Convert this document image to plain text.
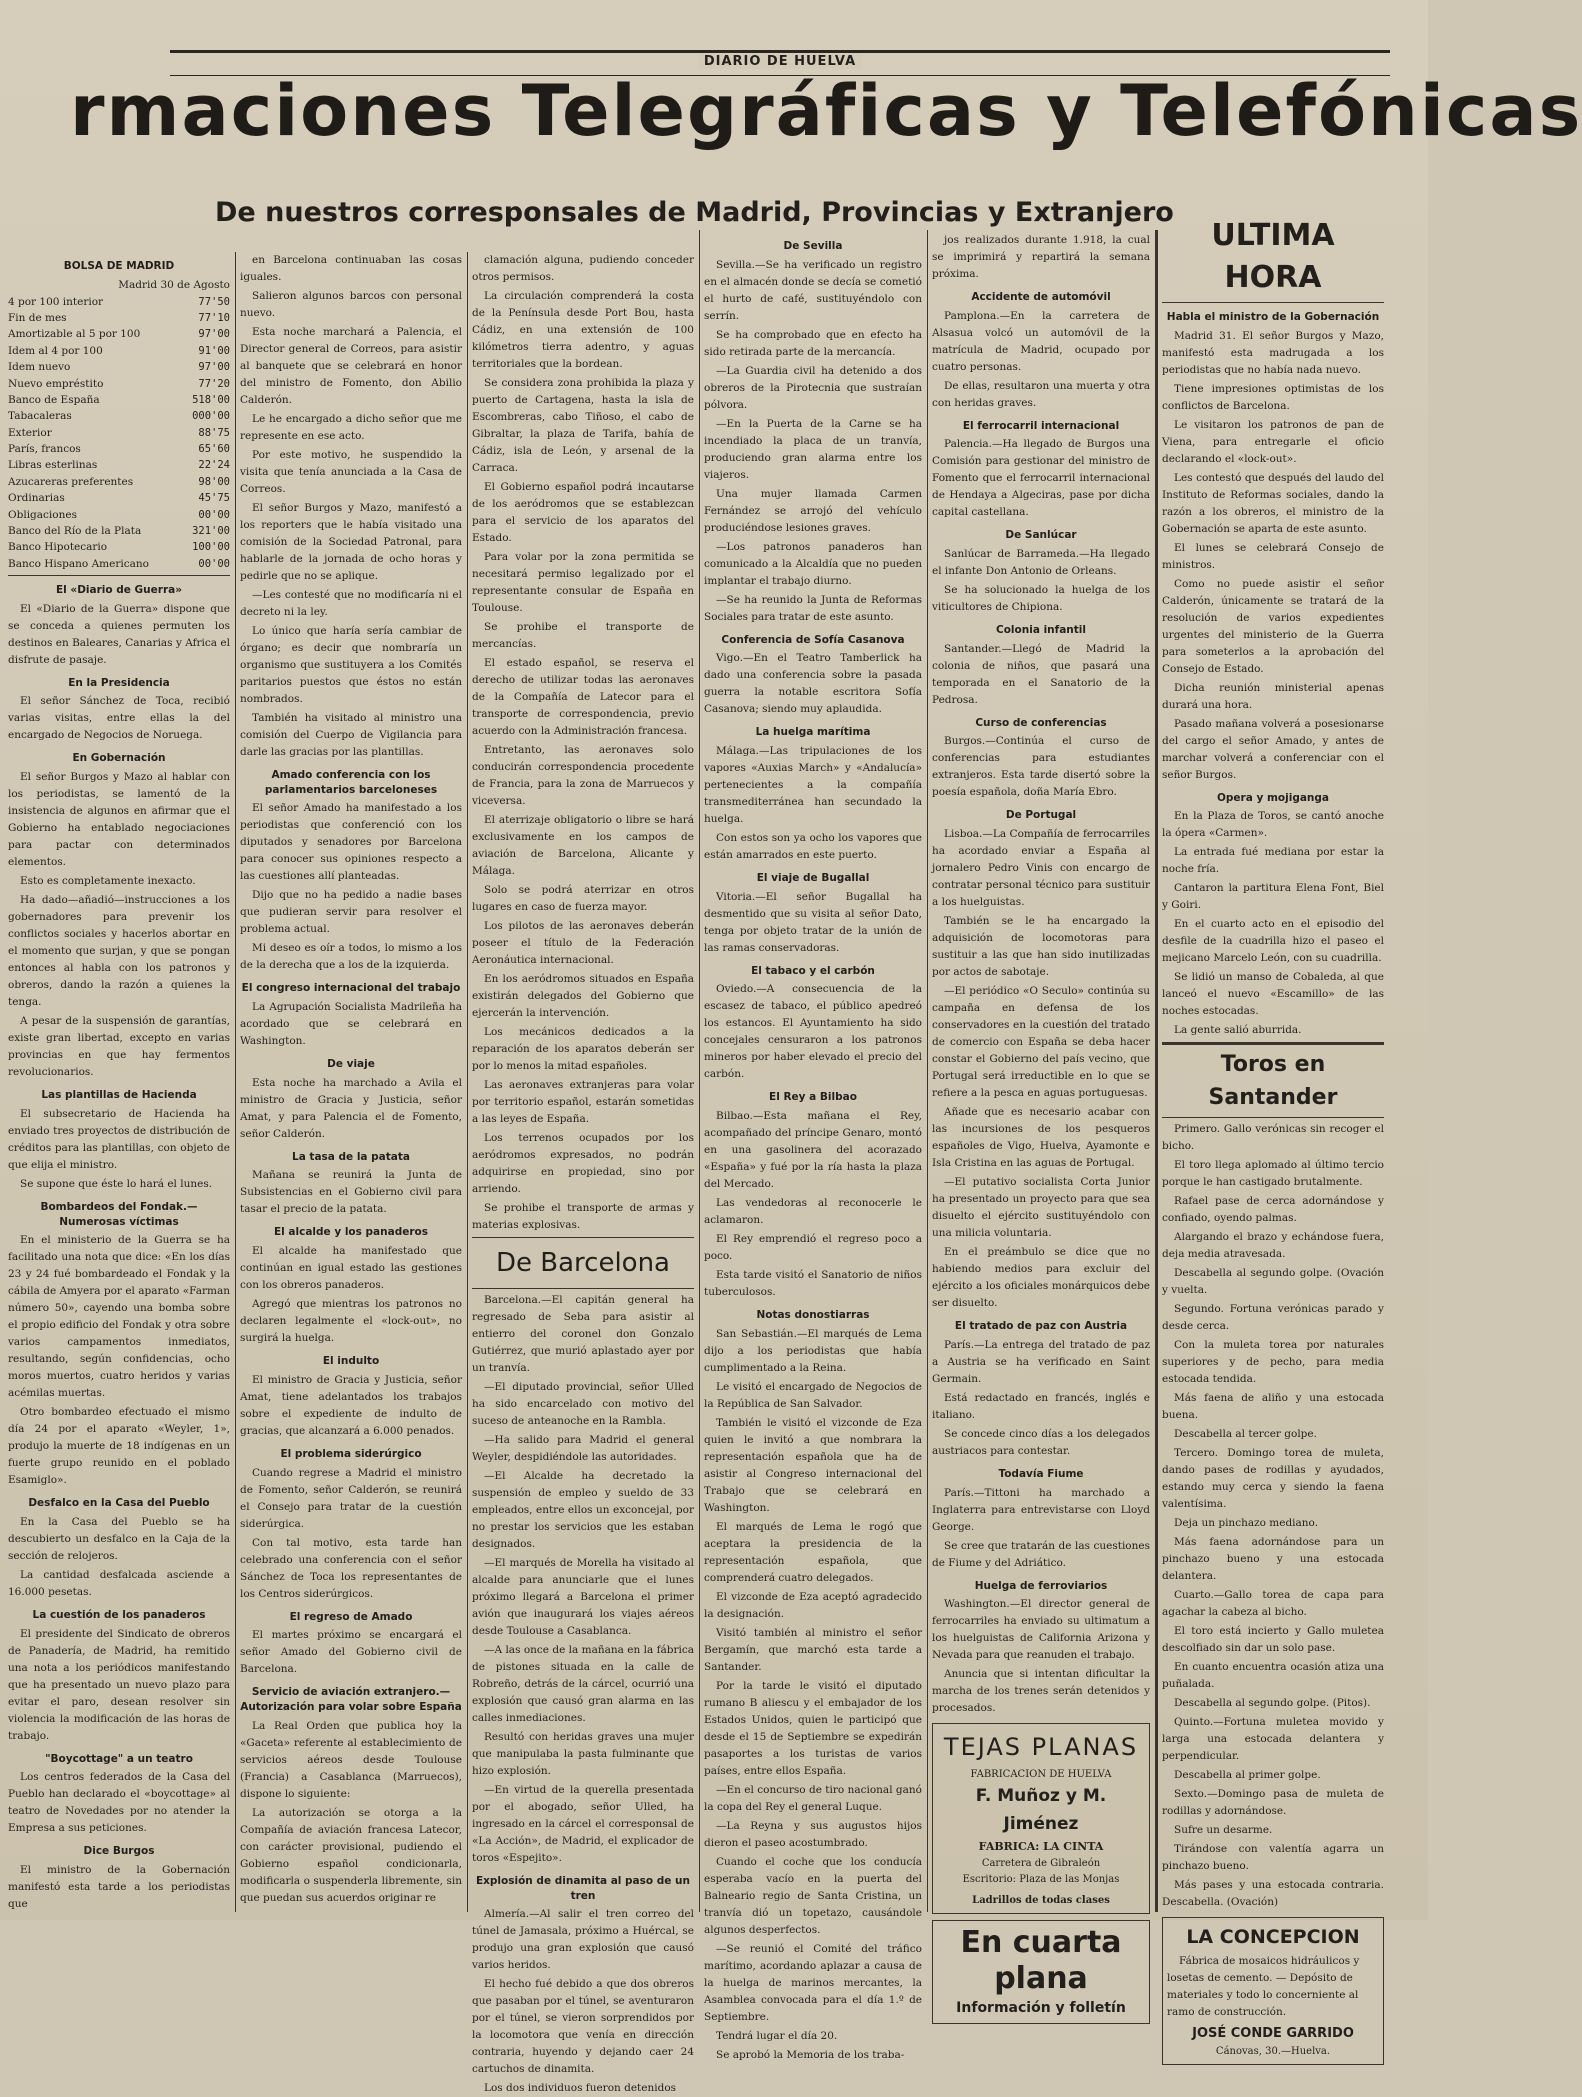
DIARIO DE HUELVA
rmaciones Telegráficas y Telefónicas
De nuestros corresponsales de Madrid, Provincias y Extranjero
BOLSA DE MADRID
Madrid 30 de Agosto
4 por 100 interior	77'50
Fin de mes	77'10
Amortizable al 5 por 100	97'00
Idem al 4 por 100	91'00
Idem nuevo	97'00
Nuevo empréstito	77'20
Banco de España	518'00
Tabacaleras	000'00
Exterior	88'75
París, francos	65'60
Libras esterlinas	22'24
Azucareras preferentes	98'00
Ordinarias	45'75
Obligaciones	00'00
Banco del Río de la Plata	321'00
Banco Hipotecario	100'00
Banco Hispano Americano	00'00
El «Diario de Guerra»

El «Diario de la Guerra» dispone que se conceda a quienes permuten los destinos en Baleares, Canarias y Africa el disfrute de pasaje.

En la Presidencia

El señor Sánchez de Toca, recibió varias visitas, entre ellas la del encargado de Negocios de Noruega.

En Gobernación

El señor Burgos y Mazo al hablar con los periodistas, se lamentó de la insistencia de algunos en afirmar que el Gobierno ha entablado negociaciones para pactar con determinados elementos.

Esto es completamente inexacto.

Ha dado—añadió—instrucciones a los gobernadores para prevenir los conflictos sociales y hacerlos abortar en el momento que surjan, y que se pongan entonces al habla con los patronos y obreros, dando la razón a quienes la tenga.

A pesar de la suspensión de garantías, existe gran libertad, excepto en varias provincias en que hay fermentos revolucionarios.

Las plantillas de Hacienda

El subsecretario de Hacienda ha enviado tres proyectos de distribución de créditos para las plantillas, con objeto de que elija el ministro.

Se supone que éste lo hará el lunes.

Bombardeos del Fondak.—Numerosas víctimas

En el ministerio de la Guerra se ha facilitado una nota que dice: «En los días 23 y 24 fué bombardeado el Fondak y la cábila de Amyera por el aparato «Farman número 50», cayendo una bomba sobre el propio edificio del Fondak y otra sobre varios campamentos inmediatos, resultando, según confidencias, ocho moros muertos, cuatro heridos y varias acémilas muertas.

Otro bombardeo efectuado el mismo día 24 por el aparato «Weyler, 1», produjo la muerte de 18 indígenas en un fuerte grupo reunido en el poblado Esamiglo».

Desfalco en la Casa del Pueblo

En la Casa del Pueblo se ha descubierto un desfalco en la Caja de la sección de relojeros.

La cantidad desfalcada asciende a 16.000 pesetas.

La cuestión de los panaderos

El presidente del Sindicato de obreros de Panadería, de Madrid, ha remitido una nota a los periódicos manifestando que ha presentado un nuevo plazo para evitar el paro, desean resolver sin violencia la modificación de las horas de trabajo.

"Boycottage" a un teatro

Los centros federados de la Casa del Pueblo han declarado el «boycottage» al teatro de Novedades por no atender la Empresa a sus peticiones.

Dice Burgos

El ministro de la Gobernación manifestó esta tarde a los periodistas que

en Barcelona continuaban las cosas iguales.

Salieron algunos barcos con personal nuevo.

Esta noche marchará a Palencia, el Director general de Correos, para asistir al banquete que se celebrará en honor del ministro de Fomento, don Abilio Calderón.

Le he encargado a dicho señor que me represente en ese acto.

Por este motivo, he suspendido la visita que tenía anunciada a la Casa de Correos.

El señor Burgos y Mazo, manifestó a los reporters que le había visitado una comisión de la Sociedad Patronal, para hablarle de la jornada de ocho horas y pedirle que no se aplique.

—Les contesté que no modificaría ni el decreto ni la ley.

Lo único que haría sería cambiar de órgano; es decir que nombraría un organismo que sustituyera a los Comités paritarios puestos que éstos no están nombrados.

También ha visitado al ministro una comisión del Cuerpo de Vigilancia para darle las gracias por las plantillas.

Amado conferencia con los parlamentarios barceloneses

El señor Amado ha manifestado a los periodistas que conferenció con los diputados y senadores por Barcelona para conocer sus opiniones respecto a las cuestiones allí planteadas.

Dijo que no ha pedido a nadie bases que pudieran servir para resolver el problema actual.

Mi deseo es oír a todos, lo mismo a los de la derecha que a los de la izquierda.

El congreso internacional del trabajo

La Agrupación Socialista Madrileña ha acordado que se celebrará en Washington.

De viaje

Esta noche ha marchado a Avila el ministro de Gracia y Justicia, señor Amat, y para Palencia el de Fomento, señor Calderón.

La tasa de la patata

Mañana se reunirá la Junta de Subsistencias en el Gobierno civil para tasar el precio de la patata.

El alcalde y los panaderos

El alcalde ha manifestado que continúan en igual estado las gestiones con los obreros panaderos.

Agregó que mientras los patronos no declaren legalmente el «lock-out», no surgirá la huelga.

El indulto

El ministro de Gracia y Justicia, señor Amat, tiene adelantados los trabajos sobre el expediente de indulto de gracias, que alcanzará a 6.000 penados.

El problema siderúrgico

Cuando regrese a Madrid el ministro de Fomento, señor Calderón, se reunirá el Consejo para tratar de la cuestión siderúrgica.

Con tal motivo, esta tarde han celebrado una conferencia con el señor Sánchez de Toca los representantes de los Centros siderúrgicos.

El regreso de Amado

El martes próximo se encargará el señor Amado del Gobierno civil de Barcelona.

Servicio de aviación extranjero.—Autorización para volar sobre España

La Real Orden que publica hoy la «Gaceta» referente al establecimiento de servicios aéreos desde Toulouse (Francia) a Casablanca (Marruecos), dispone lo siguiente:

La autorización se otorga a la Compañía de aviación francesa Latecor, con carácter provisional, pudiendo el Gobierno español condicionarla, modificarla o suspenderla libremente, sin que puedan sus acuerdos originar re

clamación alguna, pudiendo conceder otros permisos.

La circulación comprenderá la costa de la Península desde Port Bou, hasta Cádiz, en una extensión de 100 kilómetros tierra adentro, y aguas territoriales que la bordean.

Se considera zona prohibida la plaza y puerto de Cartagena, hasta la isla de Escombreras, cabo Tiñoso, el cabo de Gibraltar, la plaza de Tarifa, bahía de Cádiz, isla de León, y arsenal de la Carraca.

El Gobierno español podrá incautarse de los aeródromos que se establezcan para el servicio de los aparatos del Estado.

Para volar por la zona permitida se necesitará permiso legalizado por el representante consular de España en Toulouse.

Se prohibe el transporte de mercancías.

El estado español, se reserva el derecho de utilizar todas las aeronaves de la Compañía de Latecor para el transporte de correspondencia, previo acuerdo con la Administración francesa.

Entretanto, las aeronaves solo conducirán correspondencia procedente de Francia, para la zona de Marruecos y viceversa.

El aterrizaje obligatorio o libre se hará exclusivamente en los campos de aviación de Barcelona, Alicante y Málaga.

Solo se podrá aterrizar en otros lugares en caso de fuerza mayor.

Los pilotos de las aeronaves deberán poseer el título de la Federación Aeronáutica internacional.

En los aeródromos situados en España existirán delegados del Gobierno que ejercerán la intervención.

Los mecánicos dedicados a la reparación de los aparatos deberán ser por lo menos la mitad españoles.

Las aeronaves extranjeras para volar por territorio español, estarán sometidas a las leyes de España.

Los terrenos ocupados por los aeródromos expresados, no podrán adquirirse en propiedad, sino por arriendo.

Se prohibe el transporte de armas y materias explosivas.

De Barcelona

Barcelona.—El capitán general ha regresado de Seba para asistir al entierro del coronel don Gonzalo Gutiérrez, que murió aplastado ayer por un tranvía.

—El diputado provincial, señor Ulled ha sido encarcelado con motivo del suceso de anteanoche en la Rambla.

—Ha salido para Madrid el general Weyler, despidiéndole las autoridades.

—El Alcalde ha decretado la suspensión de empleo y sueldo de 33 empleados, entre ellos un exconcejal, por no prestar los servicios que les estaban designados.

—El marqués de Morella ha visitado al alcalde para anunciarle que el lunes próximo llegará a Barcelona el primer avión que inaugurará los viajes aéreos desde Toulouse a Casablanca.

—A las once de la mañana en la fábrica de pistones situada en la calle de Robreño, detrás de la cárcel, ocurrió una explosión que causó gran alarma en las calles inmediaciones.

Resultó con heridas graves una mujer que manipulaba la pasta fulminante que hizo explosión.

—En virtud de la querella presentada por el abogado, señor Ulled, ha ingresado en la cárcel el corresponsal de «La Acción», de Madrid, el explicador de toros «Espejito».

Explosión de dinamita al paso de un tren

Almería.—Al salir el tren correo del túnel de Jamasala, próximo a Huércal, se produjo una gran explosión que causó varios heridos.

El hecho fué debido a que dos obreros que pasaban por el túnel, se aventuraron por el túnel, se vieron sorprendidos por la locomotora que venía en dirección contraria, huyendo y dejando caer 24 cartuchos de dinamita.

Los dos individuos fueron detenidos

De Sevilla

Sevilla.—Se ha verificado un registro en el almacén donde se decía se cometió el hurto de café, sustituyéndolo con serrín.

Se ha comprobado que en efecto ha sido retirada parte de la mercancía.

—La Guardia civil ha detenido a dos obreros de la Pirotecnia que sustraían pólvora.

—En la Puerta de la Carne se ha incendiado la placa de un tranvía, produciendo gran alarma entre los viajeros.

Una mujer llamada Carmen Fernández se arrojó del vehículo produciéndose lesiones graves.

—Los patronos panaderos han comunicado a la Alcaldía que no pueden implantar el trabajo diurno.

—Se ha reunido la Junta de Reformas Sociales para tratar de este asunto.

Conferencia de Sofía Casanova

Vigo.—En el Teatro Tamberlick ha dado una conferencia sobre la pasada guerra la notable escritora Sofía Casanova; siendo muy aplaudida.

La huelga marítima

Málaga.—Las tripulaciones de los vapores «Auxias March» y «Andalucía» pertenecientes a la compañía transmediterránea han secundado la huelga.

Con estos son ya ocho los vapores que están amarrados en este puerto.

El viaje de Bugallal

Vitoria.—El señor Bugallal ha desmentido que su visita al señor Dato, tenga por objeto tratar de la unión de las ramas conservadoras.

El tabaco y el carbón

Oviedo.—A consecuencia de la escasez de tabaco, el público apedreó los estancos. El Ayuntamiento ha sido concejales censuraron a los patronos mineros por haber elevado el precio del carbón.

El Rey a Bilbao

Bilbao.—Esta mañana el Rey, acompañado del príncipe Genaro, montó en una gasolinera del acorazado «España» y fué por la ría hasta la plaza del Mercado.

Las vendedoras al reconocerle le aclamaron.

El Rey emprendió el regreso poco a poco.

Esta tarde visitó el Sanatorio de niños tuberculosos.

Notas donostiarras

San Sebastián.—El marqués de Lema dijo a los periodistas que había cumplimentado a la Reina.

Le visitó el encargado de Negocios de la República de San Salvador.

También le visitó el vizconde de Eza quien le invitó a que nombrara la representación española que ha de asistir al Congreso internacional del Trabajo que se celebrará en Washington.

El marqués de Lema le rogó que aceptara la presidencia de la representación española, que comprenderá cuatro delegados.

El vizconde de Eza aceptó agradecido la designación.

Visitó también al ministro el señor Bergamín, que marchó esta tarde a Santander.

Por la tarde le visitó el diputado rumano B aliescu y el embajador de los Estados Unidos, quien le participó que desde el 15 de Septiembre se expedirán pasaportes a los turistas de varios países, entre ellos España.

—En el concurso de tiro nacional ganó la copa del Rey el general Luque.

—La Reyna y sus augustos hijos dieron el paseo acostumbrado.

Cuando el coche que los conducía esperaba vacío en la puerta del Balneario regio de Santa Cristina, un tranvía dió un topetazo, causándole algunos desperfectos.

—Se reunió el Comité del tráfico marítimo, acordando aplazar a causa de la huelga de marinos mercantes, la Asamblea convocada para el día 1.º de Septiembre.

Tendrá lugar el día 20.

Se aprobó la Memoria de los traba-

jos realizados durante 1.918, la cual se imprimirá y repartirá la semana próxima.

Accidente de automóvil

Pamplona.—En la carretera de Alsasua volcó un automóvil de la matrícula de Madrid, ocupado por cuatro personas.

De ellas, resultaron una muerta y otra con heridas graves.

El ferrocarril internacional

Palencia.—Ha llegado de Burgos una Comisión para gestionar del ministro de Fomento que el ferrocarril internacional de Hendaya a Algeciras, pase por dicha capital castellana.

De Sanlúcar

Sanlúcar de Barrameda.—Ha llegado el infante Don Antonio de Orleans.

Se ha solucionado la huelga de los viticultores de Chipiona.

Colonia infantil

Santander.—Llegó de Madrid la colonia de niños, que pasará una temporada en el Sanatorio de la Pedrosa.

Curso de conferencias

Burgos.—Continúa el curso de conferencias para estudiantes extranjeros. Esta tarde disertó sobre la poesía española, doña María Ebro.

De Portugal

Lisboa.—La Compañía de ferrocarriles ha acordado enviar a España al jornalero Pedro Vinis con encargo de contratar personal técnico para sustituir a los huelguistas.

También se le ha encargado la adquisición de locomotoras para sustituir a las que han sido inutilizadas por actos de sabotaje.

—El periódico «O Seculo» continúa su campaña en defensa de los conservadores en la cuestión del tratado de comercio con España se deba hacer constar el Gobierno del país vecino, que Portugal será irreductible en lo que se refiere a la pesca en aguas portuguesas.

Añade que es necesario acabar con las incursiones de los pesqueros españoles de Vigo, Huelva, Ayamonte e Isla Cristina en las aguas de Portugal.

—El putativo socialista Corta Junior ha presentado un proyecto para que sea disuelto el ejército sustituyéndolo con una milicia voluntaria.

En el preámbulo se dice que no habiendo medios para excluir del ejército a los oficiales monárquicos debe ser disuelto.

El tratado de paz con Austria

París.—La entrega del tratado de paz a Austria se ha verificado en Saint Germain.

Está redactado en francés, inglés e italiano.

Se concede cinco días a los delegados austriacos para contestar.

Todavía Fiume

París.—Tittoni ha marchado a Inglaterra para entrevistarse con Lloyd George.

Se cree que tratarán de las cuestiones de Fiume y del Adriático.

Huelga de ferroviarios

Washington.—El director general de ferrocarriles ha enviado su ultimatum a los huelguistas de California Arizona y Nevada para que reanuden el trabajo.

Anuncia que si intentan dificultar la marcha de los trenes serán detenidos y procesados.

TEJAS PLANAS
FABRICACION DE HUELVA
F. Muñoz y M. Jiménez
FABRICA: LA CINTA
Carretera de Gibraleón
Escritorio: Plaza de las Monjas
Ladrillos de todas clases
En cuarta plana
Información y folletín
ULTIMA HORA
Habla el ministro de la Gobernación

Madrid 31. El señor Burgos y Mazo, manifestó esta madrugada a los periodistas que no había nada nuevo.

Tiene impresiones optimistas de los conflictos de Barcelona.

Le visitaron los patronos de pan de Viena, para entregarle el oficio declarando el «lock-out».

Les contestó que después del laudo del Instituto de Reformas sociales, dando la razón a los obreros, el ministro de la Gobernación se aparta de este asunto.

El lunes se celebrará Consejo de ministros.

Como no puede asistir el señor Calderón, únicamente se tratará de la resolución de varios expedientes urgentes del ministerio de la Guerra para someterlos a la aprobación del Consejo de Estado.

Dicha reunión ministerial apenas durará una hora.

Pasado mañana volverá a posesionarse del cargo el señor Amado, y antes de marchar volverá a conferenciar con el señor Burgos.

Opera y mojiganga

En la Plaza de Toros, se cantó anoche la ópera «Carmen».

La entrada fué mediana por estar la noche fría.

Cantaron la partitura Elena Font, Biel y Goiri.

En el cuarto acto en el episodio del desfile de la cuadrilla hizo el paseo el mejicano Marcelo León, con su cuadrilla.

Se lidió un manso de Cobaleda, al que lanceó el nuevo «Escamillo» de las noches estocadas.

La gente salió aburrida.

Toros en Santander

Primero. Gallo verónicas sin recoger el bicho.

El toro llega aplomado al último tercio porque le han castigado brutalmente.

Rafael pase de cerca adornándose y confiado, oyendo palmas.

Alargando el brazo y echándose fuera, deja media atravesada.

Descabella al segundo golpe. (Ovación y vuelta.

Segundo. Fortuna verónicas parado y desde cerca.

Con la muleta torea por naturales superiores y de pecho, para media estocada tendida.

Más faena de aliño y una estocada buena.

Descabella al tercer golpe.

Tercero. Domingo torea de muleta, dando pases de rodillas y ayudados, estando muy cerca y siendo la faena valentísima.

Deja un pinchazo mediano.

Más faena adornándose para un pinchazo bueno y una estocada delantera.

Cuarto.—Gallo torea de capa para agachar la cabeza al bicho.

El toro está incierto y Gallo muletea descolfiado sin dar un solo pase.

En cuanto encuentra ocasión atiza una puñalada.

Descabella al segundo golpe. (Pitos).

Quinto.—Fortuna muletea movido y larga una estocada delantera y perpendicular.

Descabella al primer golpe.

Sexto.—Domingo pasa de muleta de rodillas y adornándose.

Sufre un desarme.

Tirándose con valentía agarra un pinchazo bueno.

Más pases y una estocada contraria. Descabella. (Ovación)

LA CONCEPCION

Fábrica de mosaicos hidráulicos y losetas de cemento. — Depósito de materiales y todo lo concerniente al ramo de construcción.

JOSÉ CONDE GARRIDO
Cánovas, 30.—Huelva.
